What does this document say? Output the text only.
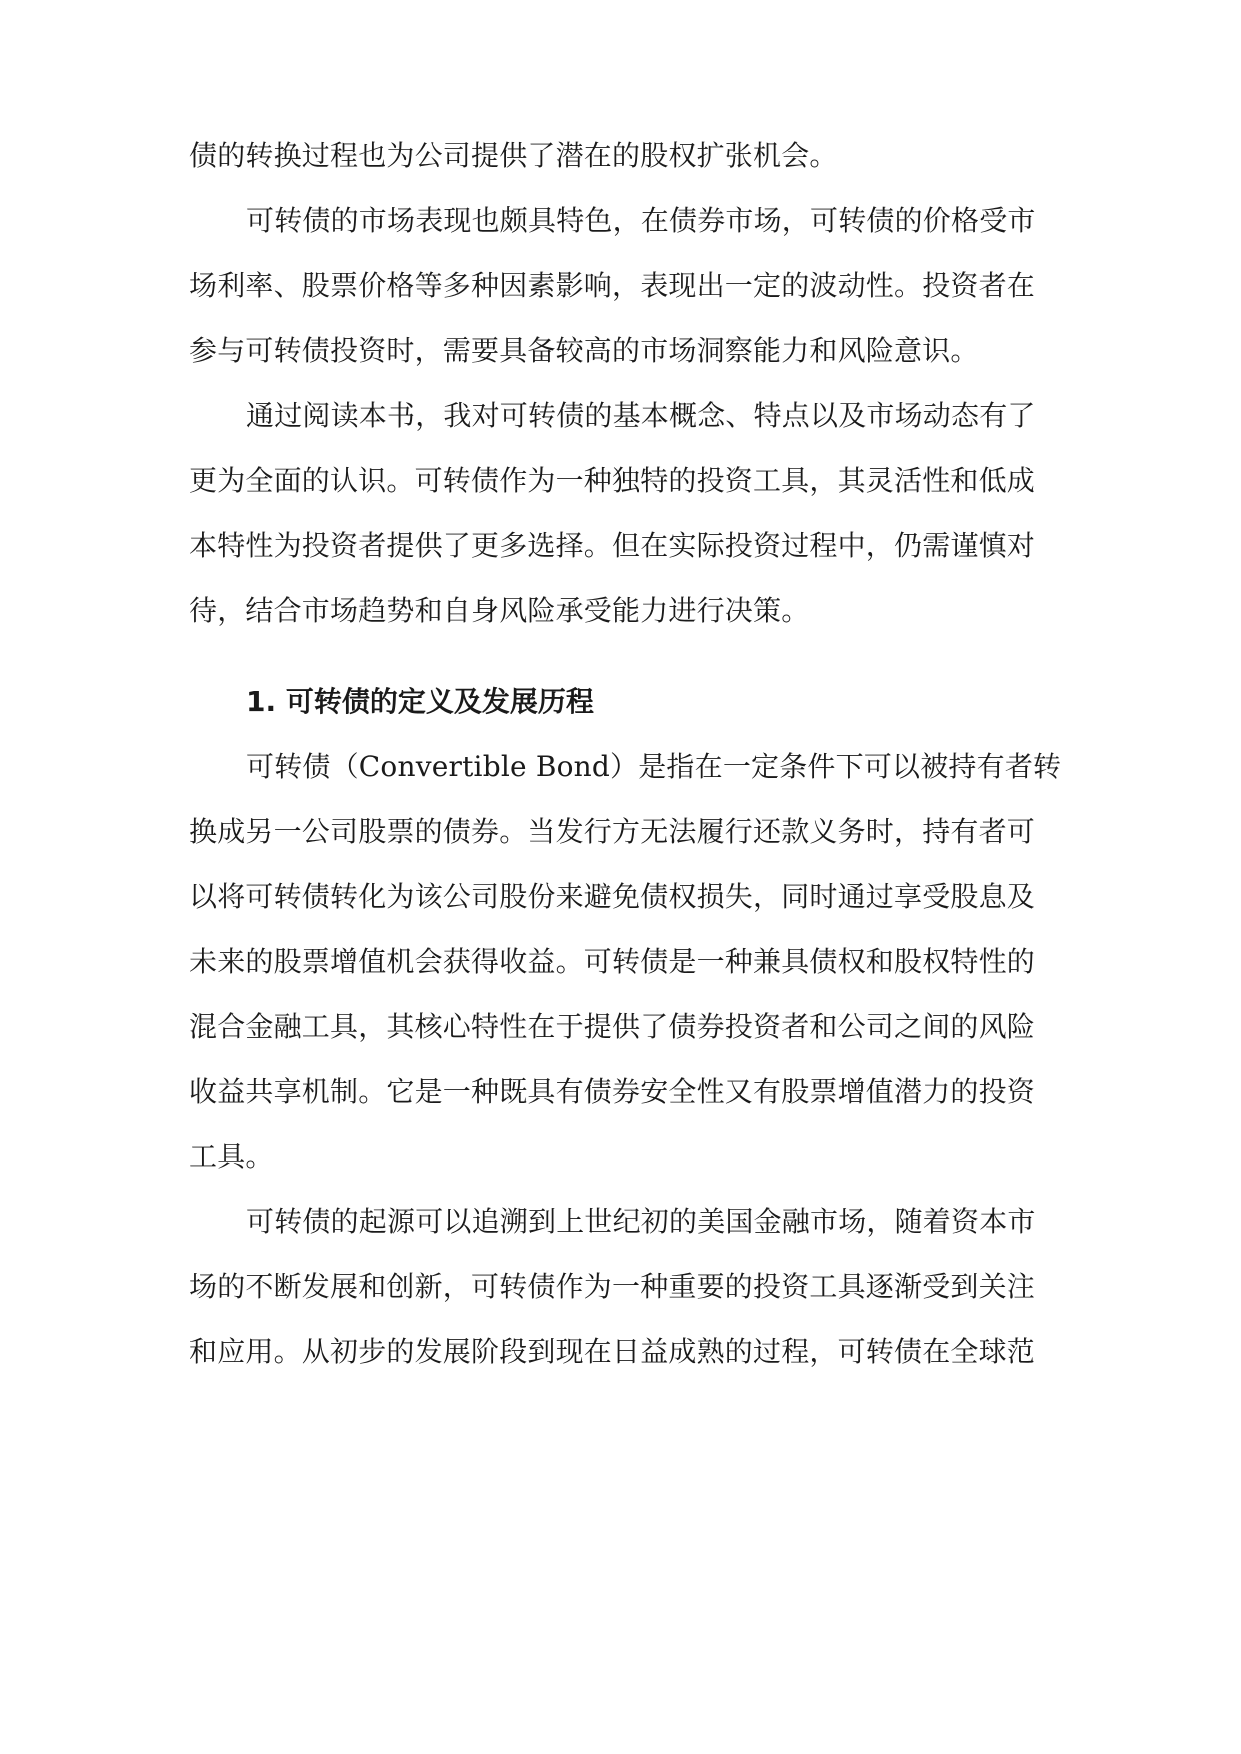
债的转换过程也为公司提供了潜在的股权扩张机会。
可转债的市场表现也颇具特色，在债券市场，可转债的价格受市
场利率、股票价格等多种因素影响，表现出一定的波动性。投资者在
参与可转债投资时，需要具备较高的市场洞察能力和风险意识。
通过阅读本书，我对可转债的基本概念、特点以及市场动态有了
更为全面的认识。可转债作为一种独特的投资工具，其灵活性和低成
本特性为投资者提供了更多选择。但在实际投资过程中，仍需谨慎对
待，结合市场趋势和自身风险承受能力进行决策。
1. 可转债的定义及发展历程
可转债（Convertible Bond）是指在一定条件下可以被持有者转
换成另一公司股票的债券。当发行方无法履行还款义务时，持有者可
以将可转债转化为该公司股份来避免债权损失，同时通过享受股息及
未来的股票增值机会获得收益。可转债是一种兼具债权和股权特性的
混合金融工具，其核心特性在于提供了债券投资者和公司之间的风险
收益共享机制。它是一种既具有债券安全性又有股票增值潜力的投资
工具。
可转债的起源可以追溯到上世纪初的美国金融市场，随着资本市
场的不断发展和创新，可转债作为一种重要的投资工具逐渐受到关注
和应用。从初步的发展阶段到现在日益成熟的过程，可转债在全球范
